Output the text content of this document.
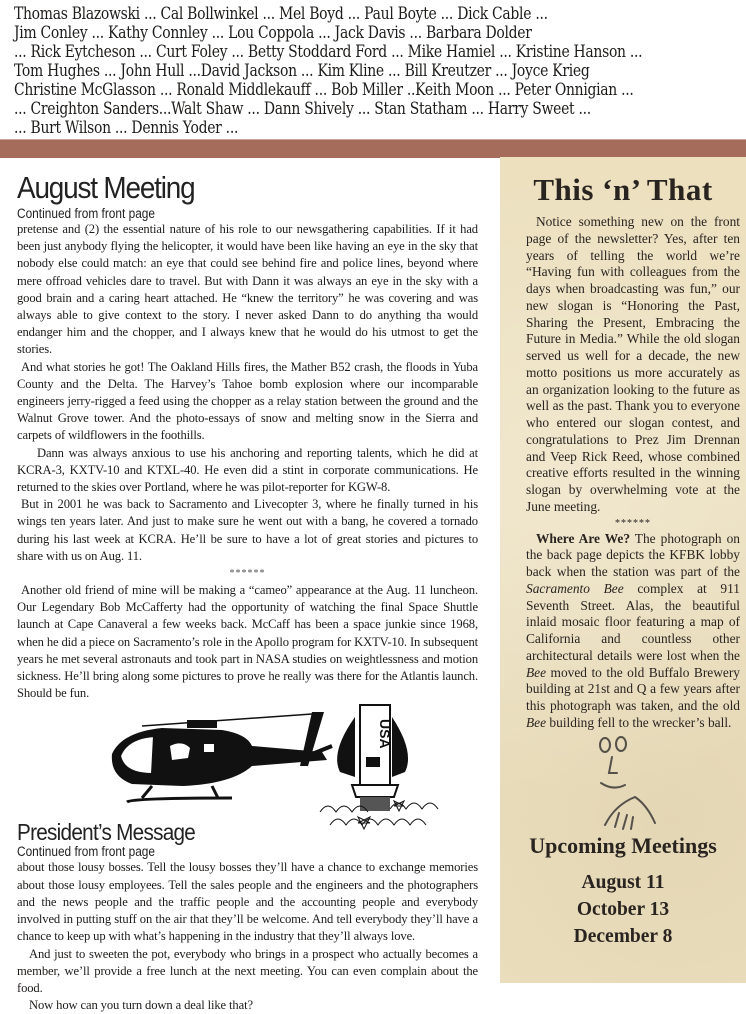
Thomas Blazowski ... Cal Bollwinkel ... Mel Boyd ... Paul Boyte ... Dick Cable ...
Jim Conley ... Kathy Connley ... Lou Coppola ... Jack Davis ... Barbara Dolder
... Rick Eytcheson ... Curt Foley ... Betty Stoddard Ford ... Mike Hamiel ... Kristine Hanson ...
Tom Hughes ... John Hull ...David Jackson ... Kim Kline ... Bill Kreutzer ... Joyce Krieg
Christine McGlasson ... Ronald Middlekauff ... Bob Miller ..Keith Moon ... Peter Onnigian ...
... Creighton Sanders...Walt Shaw ... Dann Shively ... Stan Statham ... Harry Sweet ...
... Burt Wilson ... Dennis Yoder ...
August Meeting
Continued from front page

pretense and (2) the essential nature of his role to our newsgathering capabilities. If it had been just anybody flying the helicopter, it would have been like having an eye in the sky that nobody else could match: an eye that could see behind fire and police lines, beyond where mere offroad vehicles dare to travel. But with Dann it was always an eye in the sky with a good brain and a caring heart attached. He “knew the territory” he was covering and was always able to give context to the story. I never asked Dann to do anything tha would endanger him and the chopper, and I always knew that he would do his utmost to get the stories.

And what stories he got! The Oakland Hills fires, the Mather B52 crash, the floods in Yuba County and the Delta. The Harvey’s Tahoe bomb explosion where our incomparable engineers jerry-rigged a feed using the chopper as a relay station between the ground and the Walnut Grove tower. And the photo-essays of snow and melting snow in the Sierra and carpets of wildflowers in the foothills.

Dann was always anxious to use his anchoring and reporting talents, which he did at KCRA-3, KXTV-10 and KTXL-40. He even did a stint in corporate communications. He returned to the skies over Portland, where he was pilot-reporter for KGW-8.

But in 2001 he was back to Sacramento and Livecopter 3, where he finally turned in his wings ten years later. And just to make sure he went out with a bang, he covered a tornado during his last week at KCRA. He’ll be sure to have a lot of great stories and pictures to share with us on Aug. 11.

******

Another old friend of mine will be making a “cameo” appearance at the Aug. 11 luncheon. Our Legendary Bob McCafferty had the opportunity of watching the final Space Shuttle launch at Cape Canaveral a few weeks back. McCaff has been a space junkie since 1968, when he did a piece on Sacramento’s role in the Apollo program for KXTV-10. In subsequent years he met several astronauts and took part in NASA studies on weightlessness and motion sickness. He’ll bring along some pictures to prove he really was there for the Atlantis launch. Should be fun.

USA
President’s Message
Continued from front page

about those lousy bosses. Tell the lousy bosses they’ll have a chance to exchange memories about those lousy employees. Tell the sales people and the engineers and the photographers and the news people and the traffic people and the accounting people and everybody involved in putting stuff on the air that they’ll be welcome. And tell everybody they’ll have a chance to keep up with what’s happening in the industry that they’ll always love.

And just to sweeten the pot, everybody who brings in a prospect who actually becomes a member, we’ll provide a free lunch at the next meeting. You can even complain about the food.

Now how can you turn down a deal like that?

This ‘n’ That

Notice something new on the front page of the newsletter? Yes, after ten years of telling the world we’re “Having fun with colleagues from the days when broadcasting was fun,” our new slogan is “Honoring the Past, Sharing the Present, Embracing the Future in Media.” While the old slogan served us well for a decade, the new motto positions us more accurately as an organization looking to the future as well as the past. Thank you to everyone who entered our slogan contest, and congratulations to Prez Jim Drennan and Veep Rick Reed, whose combined creative efforts resulted in the winning slogan by overwhelming vote at the June meeting.

******

Where Are We? The photograph on the back page depicts the KFBK lobby back when the station was part of the Sacramento Bee complex at 911 Seventh Street. Alas, the beautiful inlaid mosaic floor featuring a map of California and countless other architectural details were lost when the Bee moved to the old Buffalo Brewery building at 21st and Q a few years after this photograph was taken, and the old Bee building fell to the wrecker’s ball.

Upcoming Meetings
August 11
October 13
December 8
